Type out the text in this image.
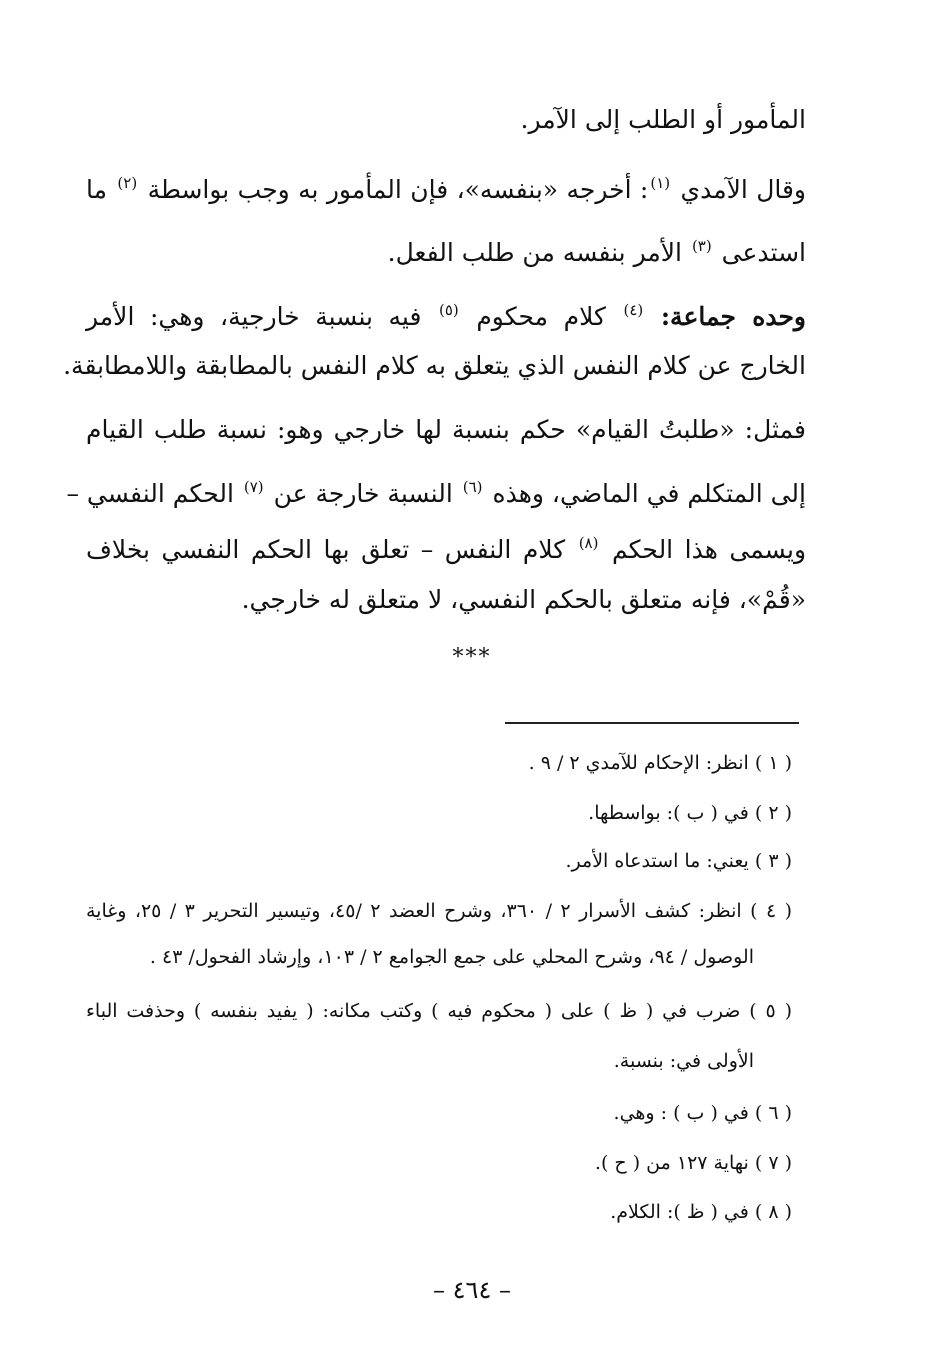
المأمور أو الطلب إلى الآمر.
وقال الآمدي $^{(١)}$: أخرجه «بنفسه»، فإن المأمور به وجب بواسطة $^{(٢)}$ ما
استدعى $^{(٣)}$ الأمر بنفسه من طلب الفعل.
وحده جماعة: $^{(٤)}$ كلام محكوم $^{(٥)}$ فيه بنسبة خارجية، وهي: الأمر
الخارج عن كلام النفس الذي يتعلق به كلام النفس بالمطابقة واللامطابقة.
فمثل: «طلبتُ القيام» حكم بنسبة لها خارجي وهو: نسبة طلب القيام
إلى المتكلم في الماضي، وهذه $^{(٦)}$ النسبة خارجة عن $^{(٧)}$ الحكم النفسي –
ويسمى هذا الحكم $^{(٨)}$ كلام النفس – تعلق بها الحكم النفسي بخلاف
«قُمْ»، فإنه متعلق بالحكم النفسي، لا متعلق له خارجي.
***
( ١ ) انظر: الإحكام للآمدي ٢ / ٩ .
( ٢ ) في ( ب ): بواسطها.
( ٣ ) يعني: ما استدعاه الأمر.
( ٤ ) انظر: كشف الأسرار ٢ / ٣٦٠، وشرح العضد ٢ /٤٥، وتيسير التحرير ٣ / ٢٥، وغاية
الوصول / ٩٤، وشرح المحلي على جمع الجوامع ٢ / ١٠٣، وإرشاد الفحول/ ٤٣ .
( ٥ ) ضرب في ( ظ ) على ( محكوم فيه ) وكتب مكانه: ( يفيد بنفسه ) وحذفت الباء
الأولى في: بنسبة.
( ٦ ) في ( ب ) : وهي.
( ٧ ) نهاية ١٢٧ من ( ح ).
( ٨ ) في ( ظ ): الكلام.
– ٤٦٤ –
